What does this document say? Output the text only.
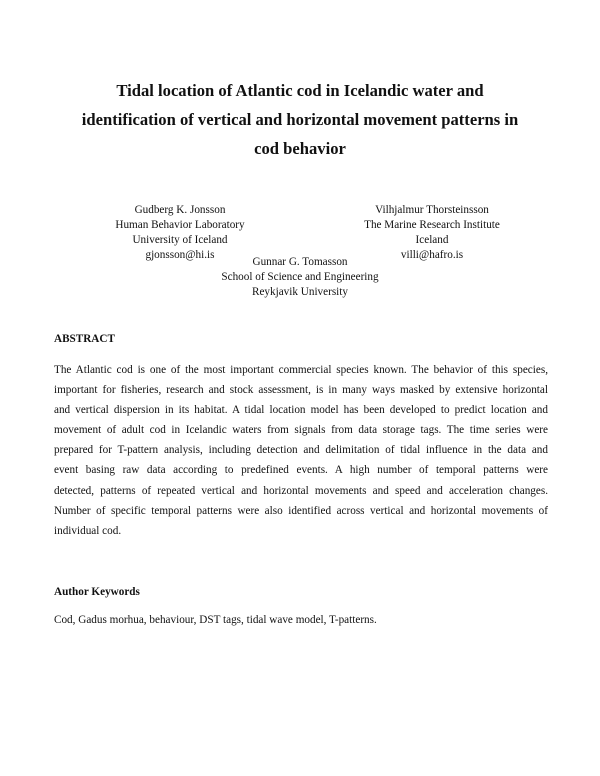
Tidal location of Atlantic cod in Icelandic water and
identification of vertical and horizontal movement patterns in
cod behavior
Gudberg K. Jonsson
Human Behavior Laboratory
University of Iceland
gjonsson@hi.is
Vilhjalmur Thorsteinsson
The Marine Research Institute
Iceland
villi@hafro.is
Gunnar G. Tomasson
School of Science and Engineering
Reykjavik University
ABSTRACT

The Atlantic cod is one of the most important commercial species known. The behavior of this species,
important for fisheries, research and stock assessment, is in many ways masked by extensive horizontal
and vertical dispersion in its habitat. A tidal location model has been developed to predict location and
movement of adult cod in Icelandic waters from signals from data storage tags. The time series were
prepared for T-pattern analysis, including detection and delimitation of tidal influence in the data and
event basing raw data according to predefined events. A high number of temporal patterns were
detected, patterns of repeated vertical and horizontal movements and speed and acceleration changes.
Number of specific temporal patterns were also identified across vertical and horizontal movements of
individual cod.

Author Keywords

Cod, Gadus morhua, behaviour, DST tags, tidal wave model, T-patterns.
